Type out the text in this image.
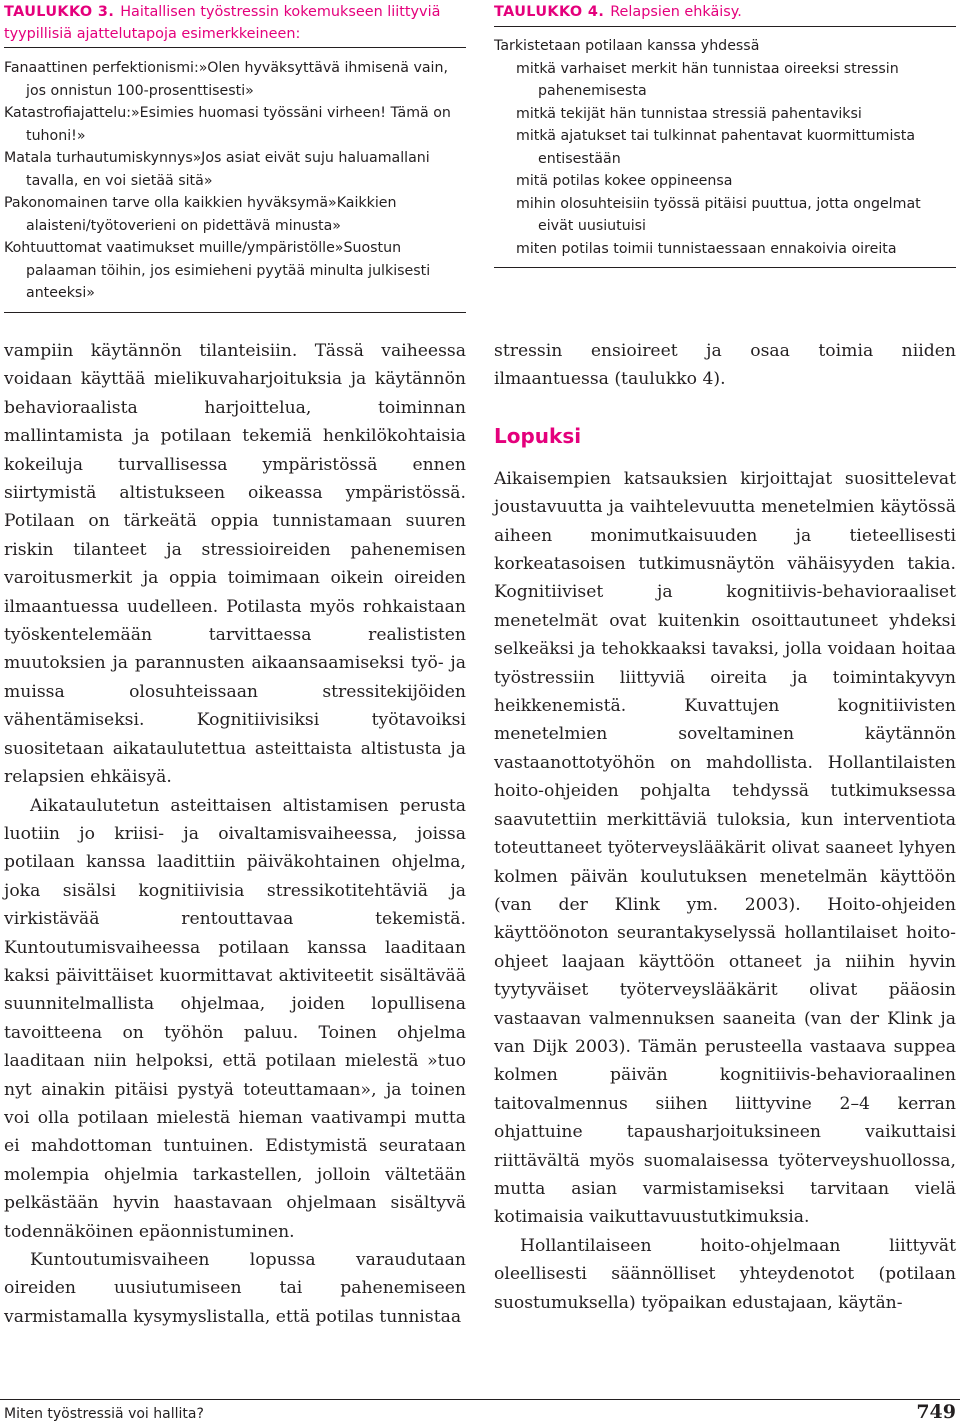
TAULUKKO 3. Haitallisen työstressin kokemukseen liittyviä tyypillisiä ajattelutapoja esimerkkeineen:

Fanaattinen perfektionismi:»Olen hyväksyttävä ihmisenä vain, jos onnistun 100-prosenttisesti»

Katastrofiajattelu:»Esimies huomasi työssäni virheen! Tämä on tuhoni!»

Matala turhautumiskynnys»Jos asiat eivät suju haluamallani tavalla, en voi sietää sitä»

Pakonomainen tarve olla kaikkien hyväksymä»Kaikkien alaisteni/työtoverieni on pidettävä minusta»

Kohtuuttomat vaatimukset muille/ympäristölle»Suostun palaaman töihin, jos esimieheni pyytää minulta julkisesti anteeksi»

TAULUKKO 4. Relapsien ehkäisy.

Tarkistetaan potilaan kanssa yhdessä

mitkä varhaiset merkit hän tunnistaa oireeksi stressin pahenemisesta

mitkä tekijät hän tunnistaa stressiä pahentaviksi

mitkä ajatukset tai tulkinnat pahentavat kuormittumista entisestään

mitä potilas kokee oppineensa

mihin olosuhteisiin työssä pitäisi puuttua, jotta ongelmat eivät uusiutuisi

miten potilas toimii tunnistaessaan ennakoivia oireita

vampiin käytännön tilanteisiin. Tässä vaiheessa voidaan käyttää mielikuvaharjoituksia ja käytännön behavioraalista harjoittelua, toiminnan mallintamista ja potilaan tekemiä henkilökohtaisia kokeiluja turvallisessa ympäristössä ennen siirtymistä altistukseen oikeassa ympäristössä. Potilaan on tärkeätä oppia tunnistamaan suuren riskin tilanteet ja stressioireiden pahenemisen varoitusmerkit ja oppia toimimaan oikein oireiden ilmaantuessa uudelleen. Potilasta myös rohkaistaan työskentelemään tarvittaessa realististen muutoksien ja parannusten aikaansaamiseksi työ- ja muissa olosuhteissaan stressitekijöiden vähentämiseksi. Kognitiivisiksi työtavoiksi suositetaan aikataulutettua asteittaista altistusta ja relapsien ehkäisyä.

Aikataulutetun asteittaisen altistamisen perusta luotiin jo kriisi- ja oivaltamisvaiheessa, joissa potilaan kanssa laadittiin päiväkohtainen ohjelma, joka sisälsi kognitiivisia stressikotitehtäviä ja virkistävää rentouttavaa tekemistä. Kuntoutumisvaiheessa potilaan kanssa laaditaan kaksi päivittäiset kuormittavat aktiviteetit sisältävää suunnitelmallista ohjelmaa, joiden lopullisena tavoitteena on työhön paluu. Toinen ohjelma laaditaan niin helpoksi, että potilaan mielestä »tuo nyt ainakin pitäisi pystyä toteuttamaan», ja toinen voi olla potilaan mielestä hieman vaativampi mutta ei mahdottoman tuntuinen. Edistymistä seurataan molempia ohjelmia tarkastellen, jolloin vältetään pelkästään hyvin haastavaan ohjelmaan sisältyvä todennäköinen epäonnistuminen.

Kuntoutumisvaiheen lopussa varaudutaan oireiden uusiutumiseen tai pahenemiseen varmistamalla kysymyslistalla, että potilas tunnistaa

stressin ensioireet ja osaa toimia niiden ilmaantuessa (taulukko 4).

Lopuksi

Aikaisempien katsauksien kirjoittajat suosittelevat joustavuutta ja vaihtelevuutta menetelmien käytössä aiheen monimutkaisuuden ja tieteellisesti korkeatasoisen tutkimusnäytön vähäisyyden takia. Kognitiiviset ja kognitiivis-behavioraaliset menetelmät ovat kuitenkin osoittautuneet yhdeksi selkeäksi ja tehokkaaksi tavaksi, jolla voidaan hoitaa työstressiin liittyviä oireita ja toimintakyvyn heikkenemistä. Kuvattujen kognitiivisten menetelmien soveltaminen käytännön vastaanottotyöhön on mahdollista. Hollantilaisten hoito-ohjeiden pohjalta tehdyssä tutkimuksessa saavutettiin merkittäviä tuloksia, kun interventiota toteuttaneet työterveyslääkärit olivat saaneet lyhyen kolmen päivän koulutuksen menetelmän käyttöön (van der Klink ym. 2003). Hoito-ohjeiden käyttöönoton seurantakyselyssä hollantilaiset hoito-ohjeet laajaan käyttöön ottaneet ja niihin hyvin tyytyväiset työterveyslääkärit olivat pääosin vastaavan valmennuksen saaneita (van der Klink ja van Dijk 2003). Tämän perusteella vastaava suppea kolmen päivän kognitiivis-behavioraalinen taitovalmennus siihen liittyvine 2–4 kerran ohjattuine tapausharjoituksineen vaikuttaisi riittävältä myös suomalaisessa työterveyshuollossa, mutta asian varmistamiseksi tarvitaan vielä kotimaisia vaikuttavuustutkimuksia.

Hollantilaiseen hoito-ohjelmaan liittyvät oleellisesti säännölliset yhteydenotot (potilaan suostumuksella) työpaikan edustajaan, käytän-

Miten työstressiä voi hallita?	749
